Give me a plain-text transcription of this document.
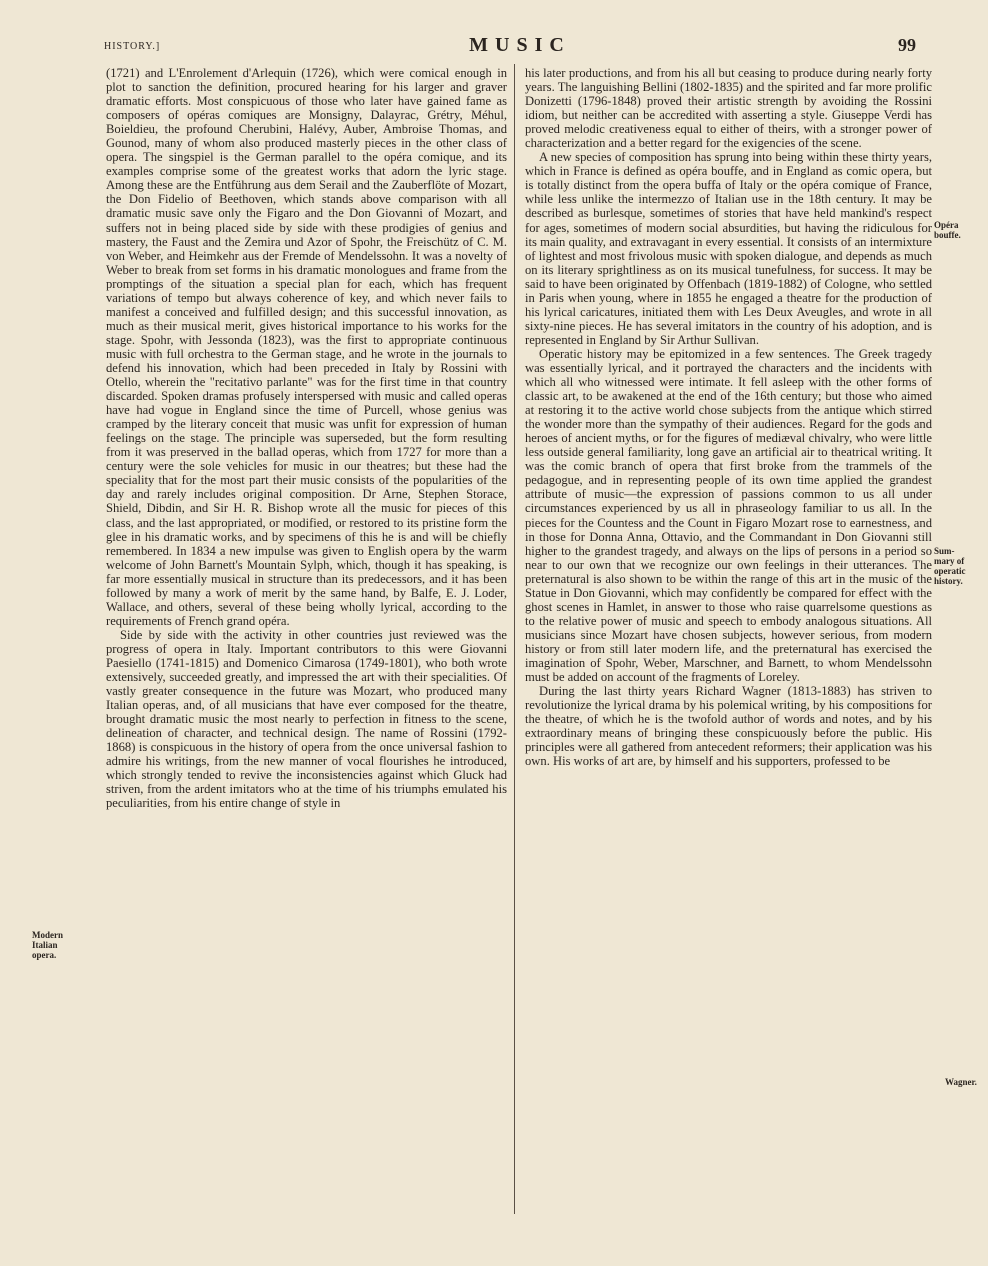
HISTORY.]	MUSIC	99

(1721) and L'Enrolement d'Arlequin (1726), which were comical enough in plot to sanction the definition, procured hearing for his larger and graver dramatic efforts. Most conspicuous of those who later have gained fame as composers of opéras comiques are Monsigny, Dalayrac, Grétry, Méhul, Boieldieu, the profound Cherubini, Halévy, Auber, Ambroise Thomas, and Gounod, many of whom also produced masterly pieces in the other class of opera. The singspiel is the German parallel to the opéra comique, and its examples comprise some of the greatest works that adorn the lyric stage. Among these are the Entführung aus dem Serail and the Zauberflöte of Mozart, the Don Fidelio of Beethoven, which stands above comparison with all dramatic music save only the Figaro and the Don Giovanni of Mozart, and suffers not in being placed side by side with these prodigies of genius and mastery, the Faust and the Zemira und Azor of Spohr, the Freischütz of C. M. von Weber, and Heimkehr aus der Fremde of Mendelssohn. It was a novelty of Weber to break from set forms in his dramatic monologues and frame from the promptings of the situation a special plan for each, which has frequent variations of tempo but always coherence of key, and which never fails to manifest a conceived and fulfilled design; and this successful innovation, as much as their musical merit, gives historical importance to his works for the stage. Spohr, with Jessonda (1823), was the first to appropriate continuous music with full orchestra to the German stage, and he wrote in the journals to defend his innovation, which had been preceded in Italy by Rossini with Otello, wherein the "recitativo parlante" was for the first time in that country discarded. Spoken dramas profusely interspersed with music and called operas have had vogue in England since the time of Purcell, whose genius was cramped by the literary conceit that music was unfit for expression of human feelings on the stage. The principle was superseded, but the form resulting from it was preserved in the ballad operas, which from 1727 for more than a century were the sole vehicles for music in our theatres; but these had the speciality that for the most part their music consists of the popularities of the day and rarely includes original composition. Dr Arne, Stephen Storace, Shield, Dibdin, and Sir H. R. Bishop wrote all the music for pieces of this class, and the last appropriated, or modified, or restored to its pristine form the glee in his dramatic works, and by specimens of this he is and will be chiefly remembered. In 1834 a new impulse was given to English opera by the warm welcome of John Barnett's Mountain Sylph, which, though it has speaking, is far more essentially musical in structure than its predecessors, and it has been followed by many a work of merit by the same hand, by Balfe, E. J. Loder, Wallace, and others, several of these being wholly lyrical, according to the requirements of French grand opéra.

Side by side with the activity in other countries just reviewed was the progress of opera in Italy. Important contributors to this were Giovanni Paesiello (1741-1815) and Domenico Cimarosa (1749-1801), who both wrote extensively, succeeded greatly, and impressed the art with their specialities. Of vastly greater consequence in the future was Mozart, who produced many Italian operas, and, of all musicians that have ever composed for the theatre, brought dramatic music the most nearly to perfection in fitness to the scene, delineation of character, and technical design. The name of Rossini (1792-1868) is conspicuous in the history of opera from the once universal fashion to admire his writings, from the new manner of vocal flourishes he introduced, which strongly tended to revive the inconsistencies against which Gluck had striven, from the ardent imitators who at the time of his triumphs emulated his peculiarities, from his entire change of style in

his later productions, and from his all but ceasing to produce during nearly forty years. The languishing Bellini (1802-1835) and the spirited and far more prolific Donizetti (1796-1848) proved their artistic strength by avoiding the Rossini idiom, but neither can be accredited with asserting a style. Giuseppe Verdi has proved melodic creativeness equal to either of theirs, with a stronger power of characterization and a better regard for the exigencies of the scene.

A new species of composition has sprung into being within these thirty years, which in France is defined as opéra bouffe, and in England as comic opera, but is totally distinct from the opera buffa of Italy or the opéra comique of France, while less unlike the intermezzo of Italian use in the 18th century. It may be described as burlesque, sometimes of stories that have held mankind's respect for ages, sometimes of modern social absurdities, but having the ridiculous for its main quality, and extravagant in every essential. It consists of an intermixture of lightest and most frivolous music with spoken dialogue, and depends as much on its literary sprightliness as on its musical tunefulness, for success. It may be said to have been originated by Offenbach (1819-1882) of Cologne, who settled in Paris when young, where in 1855 he engaged a theatre for the production of his lyrical caricatures, initiated them with Les Deux Aveugles, and wrote in all sixty-nine pieces. He has several imitators in the country of his adoption, and is represented in England by Sir Arthur Sullivan.

Operatic history may be epitomized in a few sentences. The Greek tragedy was essentially lyrical, and it portrayed the characters and the incidents with which all who witnessed were intimate. It fell asleep with the other forms of classic art, to be awakened at the end of the 16th century; but those who aimed at restoring it to the active world chose subjects from the antique which stirred the wonder more than the sympathy of their audiences. Regard for the gods and heroes of ancient myths, or for the figures of mediæval chivalry, who were little less outside general familiarity, long gave an artificial air to theatrical writing. It was the comic branch of opera that first broke from the trammels of the pedagogue, and in representing people of its own time applied the grandest attribute of music—the expression of passions common to us all under circumstances experienced by us all in phraseology familiar to us all. In the pieces for the Countess and the Count in Figaro Mozart rose to earnestness, and in those for Donna Anna, Ottavio, and the Commandant in Don Giovanni still higher to the grandest tragedy, and always on the lips of persons in a period so near to our own that we recognize our own feelings in their utterances. The preternatural is also shown to be within the range of this art in the music of the Statue in Don Giovanni, which may confidently be compared for effect with the ghost scenes in Hamlet, in answer to those who raise quarrelsome questions as to the relative power of music and speech to embody analogous situations. All musicians since Mozart have chosen subjects, however serious, from modern history or from still later modern life, and the preternatural has exercised the imagination of Spohr, Weber, Marschner, and Barnett, to whom Mendelssohn must be added on account of the fragments of Loreley.

During the last thirty years Richard Wagner (1813-1883) has striven to revolutionize the lyrical drama by his polemical writing, by his compositions for the theatre, of which he is the twofold author of words and notes, and by his extraordinary means of bringing these conspicuously before the public. His principles were all gathered from antecedent reformers; their application was his own. His works of art are, by himself and his supporters, professed to be

Modern
Italian
opera.
Opéra
bouffe.
Sum-
mary of
operatic
history.
Wagner.
